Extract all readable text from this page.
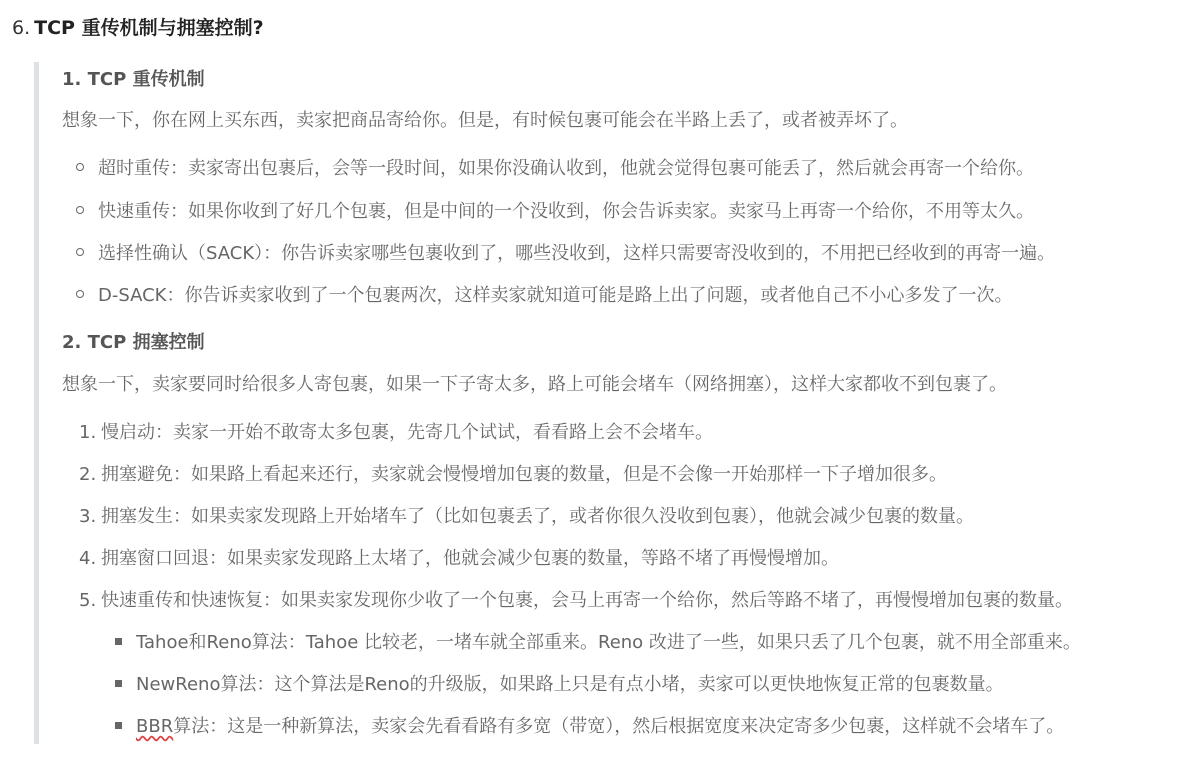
6. TCP 重传机制与拥塞控制?
1. TCP 重传机制
想象一下，你在网上买东西，卖家把商品寄给你。但是，有时候包裹可能会在半路上丢了，或者被弄坏了。
超时重传：卖家寄出包裹后，会等一段时间，如果你没确认收到，他就会觉得包裹可能丢了，然后就会再寄一个给你。
快速重传：如果你收到了好几个包裹，但是中间的一个没收到，你会告诉卖家。卖家马上再寄一个给你，不用等太久。
选择性确认（SACK）：你告诉卖家哪些包裹收到了，哪些没收到，这样只需要寄没收到的，不用把已经收到的再寄一遍。
D-SACK：你告诉卖家收到了一个包裹两次，这样卖家就知道可能是路上出了问题，或者他自己不小心多发了一次。
2. TCP 拥塞控制
想象一下，卖家要同时给很多人寄包裹，如果一下子寄太多，路上可能会堵车（网络拥塞），这样大家都收不到包裹了。
1. 慢启动：卖家一开始不敢寄太多包裹，先寄几个试试，看看路上会不会堵车。
2. 拥塞避免：如果路上看起来还行，卖家就会慢慢增加包裹的数量，但是不会像一开始那样一下子增加很多。
3. 拥塞发生：如果卖家发现路上开始堵车了（比如包裹丢了，或者你很久没收到包裹），他就会减少包裹的数量。
4. 拥塞窗口回退：如果卖家发现路上太堵了，他就会减少包裹的数量，等路不堵了再慢慢增加。
5. 快速重传和快速恢复：如果卖家发现你少收了一个包裹，会马上再寄一个给你，然后等路不堵了，再慢慢增加包裹的数量。
Tahoe和Reno算法：Tahoe 比较老，一堵车就全部重来。Reno 改进了一些，如果只丢了几个包裹，就不用全部重来。
NewReno算法：这个算法是Reno的升级版，如果路上只是有点小堵，卖家可以更快地恢复正常的包裹数量。
BBR算法：这是一种新算法，卖家会先看看路有多宽（带宽），然后根据宽度来决定寄多少包裹，这样就不会堵车了。
